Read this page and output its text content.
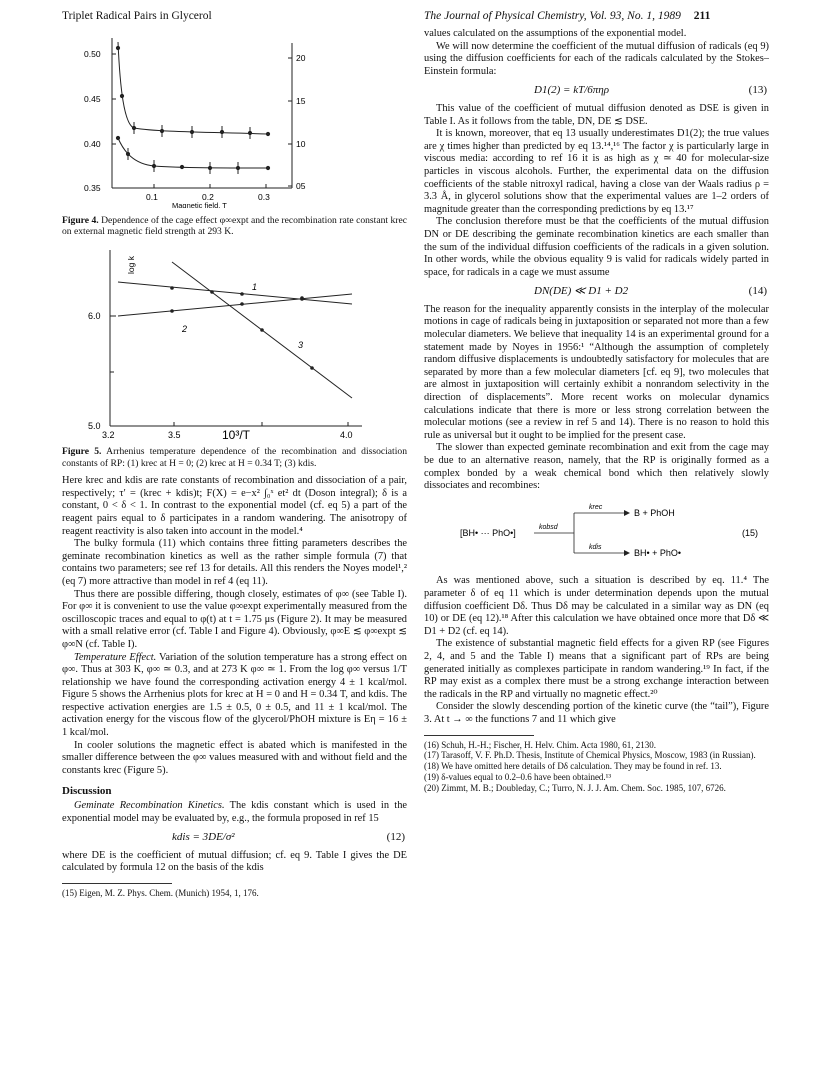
Triplet Radical Pairs in Glycerol	The Journal of Physical Chemistry, Vol. 93, No. 1, 1989 211
0.50
0.45
0.40
0.35
20
15
10
05
0.1	0.2	0.3
Magnetic field, T

Figure 4. Dependence of the cage effect φ∞expt and the recombination rate constant krec on external magnetic field strength at 293 K.

log k
6.0
5.0
3.2	3.5	4.0
10³/T
1
2
3

Figure 5. Arrhenius temperature dependence of the recombination and dissociation constants of RP: (1) krec at H = 0; (2) krec at H = 0.34 T; (3) kdis.

Here krec and kdis are rate constants of recombination and dissociation of a pair, respectively; τ′ = (krec + kdis)t; F(X) = e−x² ∫₀ˣ et² dt (Doson integral); δ is a constant, 0 < δ < 1. In contrast to the exponential model (cf. eq 5) a part of the reagent pairs equal to δ participates in a random wandering. The anisotropy of reagent reactivity is also taken into account in the model.⁴

The bulky formula (11) which contains three fitting parameters describes the geminate recombination kinetics as well as the rather simple formula (7) that contains two parameters; see ref 13 for details. All this renders the Noyes model¹,² (eq 7) more attractive than model in ref 4 (eq 11).

Thus there are possible differing, though closely, estimates of φ∞ (see Table I). For φ∞ it is convenient to use the value φ∞expt experimentally measured from the oscilloscopic traces and equal to φ(t) at t = 1.75 μs (Figure 2). It may be measured with a small relative error (cf. Table I and Figure 4). Obviously, φ∞E ≲ φ∞expt ≲ φ∞N (cf. Table I).

Temperature Effect. Variation of the solution temperature has a strong effect on φ∞. Thus at 303 K, φ∞ ≃ 0.3, and at 273 K φ∞ ≃ 1. From the log φ∞ versus 1/T relationship we have found the corresponding activation energy 4 ± 1 kcal/mol. Figure 5 shows the Arrhenius plots for krec at H = 0 and H = 0.34 T, and kdis. The respective activation energies are 1.5 ± 0.5, 0 ± 0.5, and 11 ± 1 kcal/mol. The activation energy for the viscous flow of the glycerol/PhOH mixture is Eη = 16 ± 1 kcal/mol.

In cooler solutions the magnetic effect is abated which is manifested in the smaller difference between the φ∞ values measured with and without field and the constants krec (Figure 5).

Discussion

Geminate Recombination Kinetics. The kdis constant which is used in the exponential model may be evaluated by, e.g., the formula proposed in ref 15

kdis = 3DE/σ²	(12)

where DE is the coefficient of mutual diffusion; cf. eq 9. Table I gives the DE calculated by formula 12 on the basis of the kdis

(15) Eigen, M. Z. Phys. Chem. (Munich) 1954, 1, 176.

values calculated on the assumptions of the exponential model.

We will now determine the coefficient of the mutual diffusion of radicals (eq 9) using the diffusion coefficients for each of the radicals calculated by the Stokes–Einstein formula:

D1(2) = kT/6πηρ	(13)

This value of the coefficient of mutual diffusion denoted as DSE is given in Table I. As it follows from the table, DN, DE ≲ DSE.

It is known, moreover, that eq 13 usually underestimates D1(2); the true values are χ times higher than predicted by eq 13.¹⁴,¹⁶ The factor χ is particularly large in viscous media: according to ref 16 it is as high as χ ≃ 40 for molecular-size particles in viscous alcohols. Further, the experimental data on the diffusion coefficients of the stable nitroxyl radical, having a close van der Waals radius ρ = 3.3 Å, in glycerol solutions show that the experimental values are 1–2 orders of magnitude greater than the corresponding predictions by eq 13.¹⁷

The conclusion therefore must be that the coefficients of the mutual diffusion DN or DE describing the geminate recombination kinetics are each smaller than the sum of the individual diffusion coefficients of the radicals in a given solution. In other words, while the obvious equality 9 is valid for radicals widely parted in space, for radicals in a cage we must assume

DN(DE) ≪ D1 + D2	(14)

The reason for the inequality apparently consists in the interplay of the molecular motions in cage of radicals being in juxtaposition or separated not more than a few molecular diameters. We believe that inequality 14 is an experimental ground for a statement made by Noyes in 1956:¹ “Although the assumption of completely random diffusive displacements is undoubtedly satisfactory for molecules that are separated by more than a few molecular diameters [cf. eq 9], two molecules that are almost in juxtaposition will certainly exhibit a nonrandom selectivity in the direction of displacements”. More recent works on molecular dynamics calculations indicate that there is more or less strong correlation between the molecular motions (see a review in ref 5 and 14). There is no reason to hold this rule as universal but it ought to be implied for the present case.

The slower than expected geminate recombination and exit from the cage may be due to an alternative reason, namely, that the RP is originally formed as a complex bonded by a weak chemical bond which then relatively slowly dissociates and recombines:

[BH• ··· PhO•]
kobsd
krec
kdis
B + PhOH
BH• + PhO•
(15)

As was mentioned above, such a situation is described by eq. 11.⁴ The parameter δ of eq 11 which is under determination depends upon the mutual diffusion coefficient Dδ. Thus Dδ may be calculated in a similar way as DN (eq 10) or DE (eq 12).¹⁸ After this calculation we have obtained once more that Dδ ≪ D1 + D2 (cf. eq 14).

The existence of substantial magnetic field effects for a given RP (see Figures 2, 4, and 5 and the Table I) means that a significant part of RPs are being generated initially as complexes participate in random wandering.¹⁹ In fact, if the RP may exist as a complex there must be a strong exchange interaction between the radicals in the RP and virtually no magnetic effect.²⁰

Consider the slowly descending portion of the kinetic curve (the “tail”), Figure 3. At t → ∞ the functions 7 and 11 which give

(16) Schuh, H.-H.; Fischer, H. Helv. Chim. Acta 1980, 61, 2130.

(17) Tarasoff, V. F. Ph.D. Thesis, Institute of Chemical Physics, Moscow, 1983 (in Russian).

(18) We have omitted here details of Dδ calculation. They may be found in ref. 13.

(19) δ-values equal to 0.2–0.6 have been obtained.¹³

(20) Zimmt, M. B.; Doubleday, C.; Turro, N. J. J. Am. Chem. Soc. 1985, 107, 6726.
